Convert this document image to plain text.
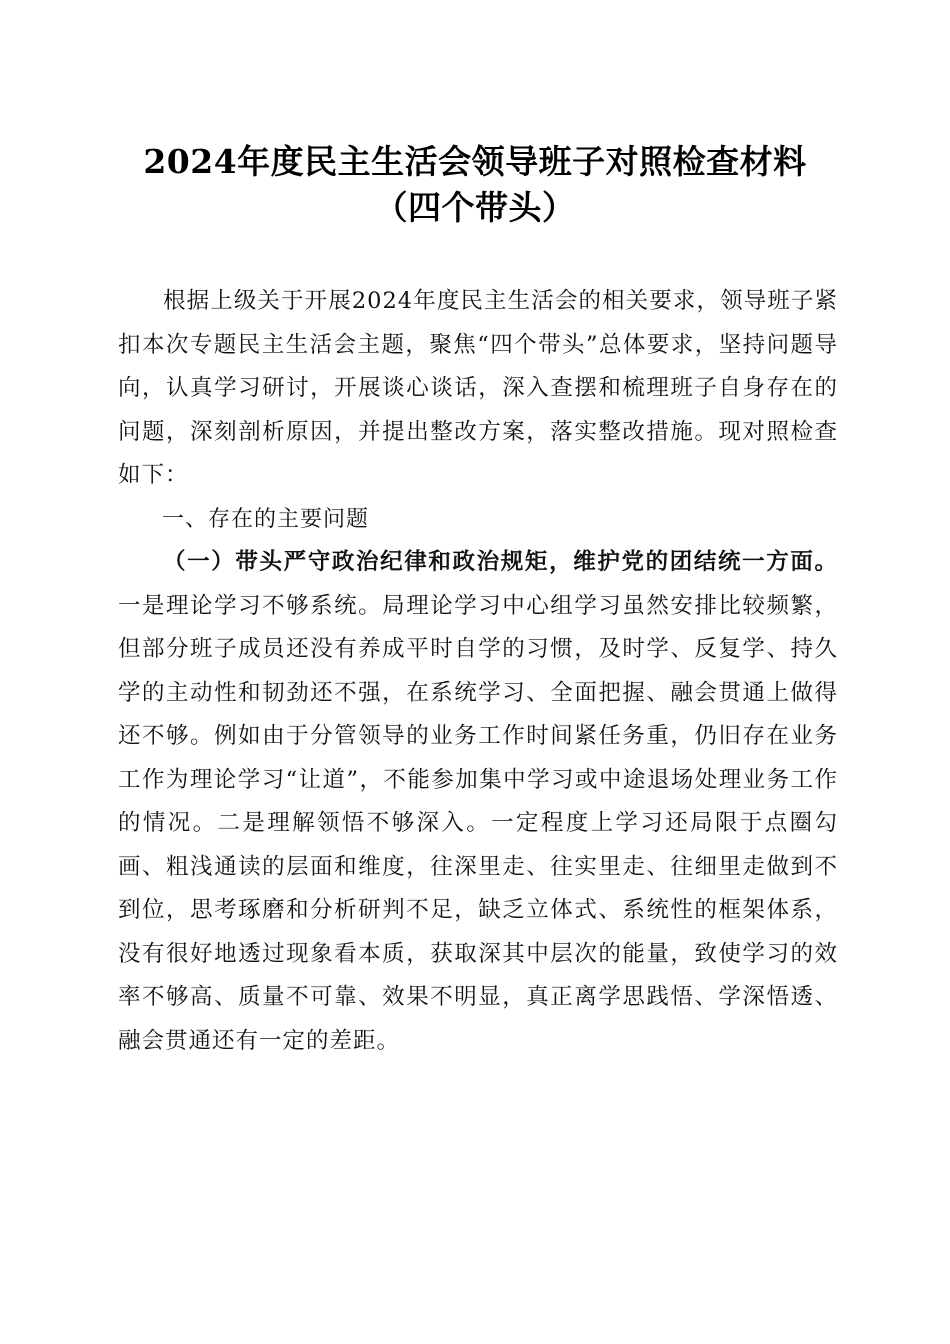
2024年度民主生活会领导班子对照检查材料
（四个带头）

根据上级关于开展2024年度民主生活会的相关要求，领导班子紧扣本次专题民主生活会主题，聚焦“四个带头”总体要求，坚持问题导向，认真学习研讨，开展谈心谈话，深入查摆和梳理班子自身存在的问题，深刻剖析原因，并提出整改方案，落实整改措施。现对照检查如下：

一、存在的主要问题

（一）带头严守政治纪律和政治规矩，维护党的团结统一方面。一是理论学习不够系统。局理论学习中心组学习虽然安排比较频繁，但部分班子成员还没有养成平时自学的习惯，及时学、反复学、持久学的主动性和韧劲还不强，在系统学习、全面把握、融会贯通上做得还不够。例如由于分管领导的业务工作时间紧任务重，仍旧存在业务工作为理论学习“让道”，不能参加集中学习或中途退场处理业务工作的情况。二是理解领悟不够深入。一定程度上学习还局限于点圈勾画、粗浅通读的层面和维度，往深里走、往实里走、往细里走做到不到位，思考琢磨和分析研判不足，缺乏立体式、系统性的框架体系，没有很好地透过现象看本质，获取深其中层次的能量，致使学习的效率不够高、质量不可靠、效果不明显，真正离学思践悟、学深悟透、融会贯通还有一定的差距。
